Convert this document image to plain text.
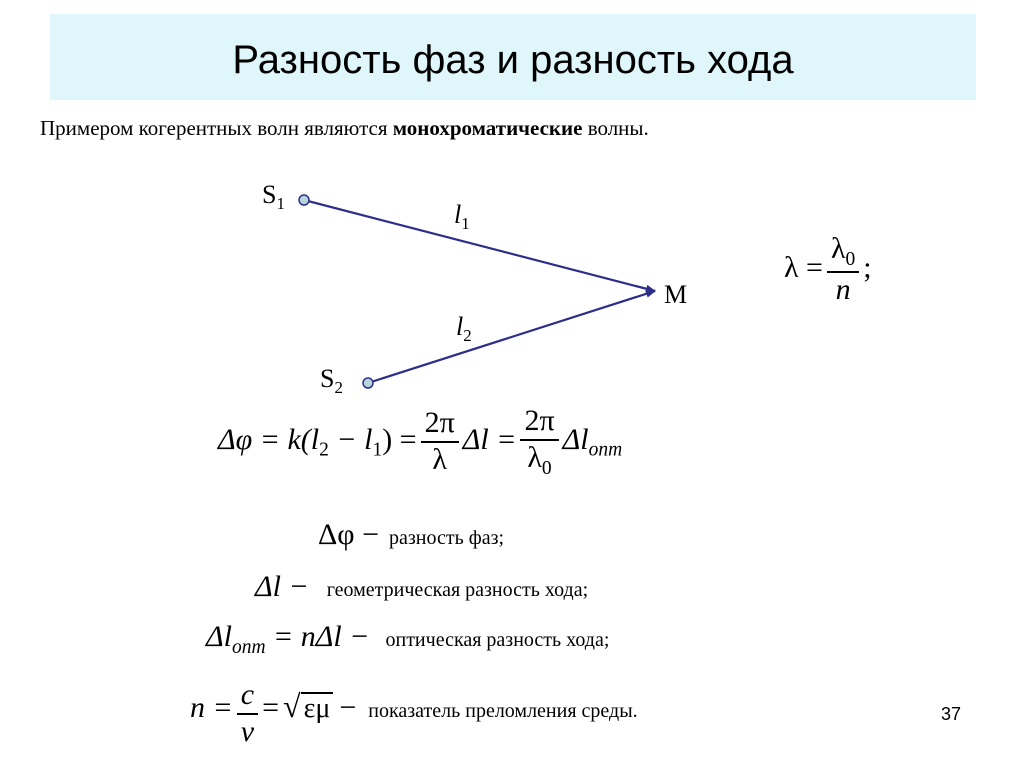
Разность фаз и разность хода
Примером когерентных волн являются монохроматические волны.
$S_1$
$S_2$
M
$l_1$
$l_2$
$\lambda = \frac{\lambda_0}{n}$ ;
$\Delta\varphi = k(l_2 - l_1) = \frac{2\pi}{\lambda}$ $\Delta l = \frac{2\pi}{\lambda_0} \Delta l_{опт}$
Δφ − разность фаз;
Δl − геометрическая разность хода;
$\Delta l_{опт} = n\Delta l$ − оптическая разность хода;
$n = \frac{c}{v}$ = √ εμ − показатель преломления среды.	37
